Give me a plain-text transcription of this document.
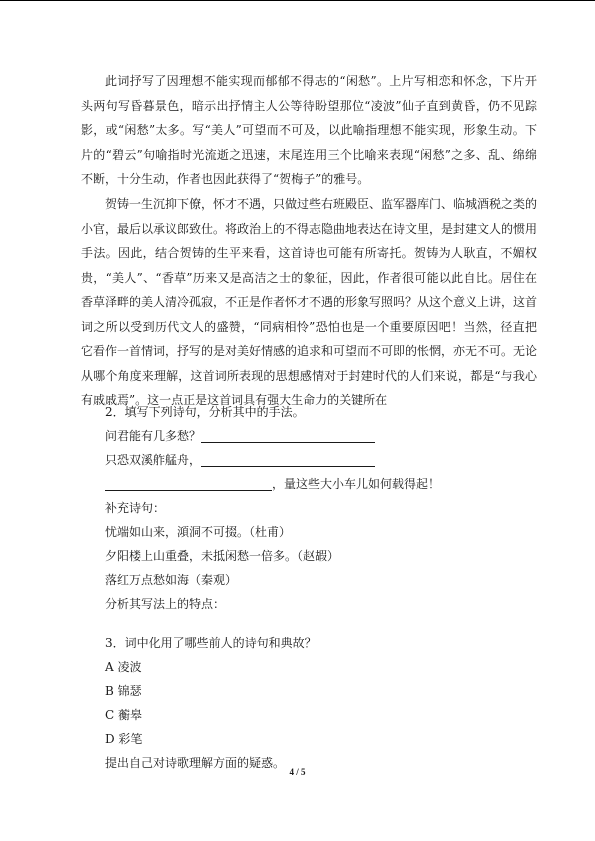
此词抒写了因理想不能实现而郁郁不得志的“闲愁”。上片写相恋和怀念，下片开头两句写昏暮景色，暗示出抒情主人公等待盼望那位“凌波”仙子直到黄昏，仍不见踪影，或“闲愁”太多。写“美人”可望而不可及，以此喻指理想不能实现，形象生动。下片的“碧云”句喻指时光流逝之迅速，末尾连用三个比喻来表现“闲愁”之多、乱、绵绵不断，十分生动，作者也因此获得了“贺梅子”的雅号。

贺铸一生沉抑下僚，怀才不遇，只做过些右班殿臣、监军器库门、临城酒税之类的小官，最后以承议郎致仕。将政治上的不得志隐曲地表达在诗文里，是封建文人的惯用手法。因此，结合贺铸的生平来看，这首诗也可能有所寄托。贺铸为人耿直，不媚权贵，“美人”、“香草”历来又是高洁之士的象征，因此，作者很可能以此自比。居住在香草泽畔的美人清冷孤寂，不正是作者怀才不遇的形象写照吗？从这个意义上讲，这首词之所以受到历代文人的盛赞，“同病相怜”恐怕也是一个重要原因吧！当然，径直把它看作一首情词，抒写的是对美好情感的追求和可望而不可即的怅惘，亦无不可。无论从哪个角度来理解，这首词所表现的思想感情对于封建时代的人们来说，都是“与我心有戚戚焉”。这一点正是这首词具有强大生命力的关键所在

2．填写下列诗句，分析其中的手法。
问君能有几多愁？
只恐双溪舴艋舟，
，量这些大小车儿如何载得起！
补充诗句：
忧端如山来，澒洞不可掇。（杜甫）
夕阳楼上山重叠，未抵闲愁一倍多。（赵嘏）
落红万点愁如海（秦观）
分析其写法上的特点：
3．词中化用了哪些前人的诗句和典故？
A 凌波
B 锦瑟
C 蘅皋
D 彩笔
提出自己对诗歌理解方面的疑惑。
4 / 5
